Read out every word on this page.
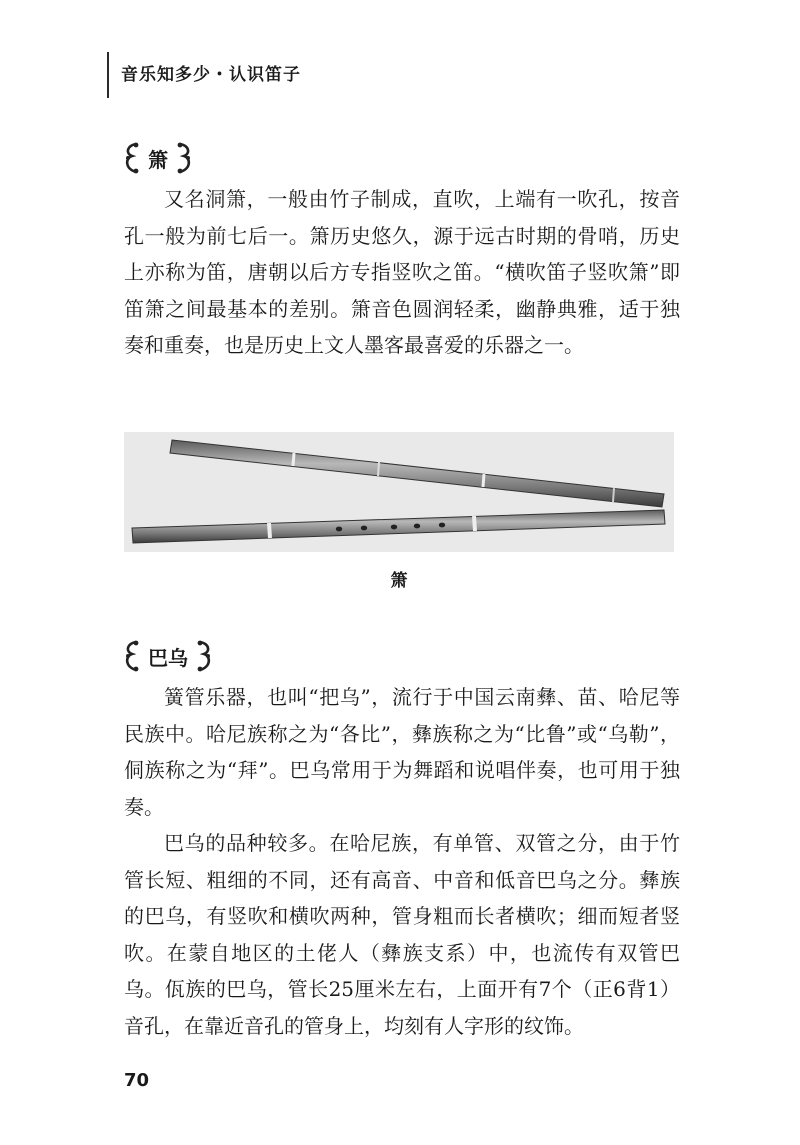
音乐知多少・认识笛子
箫

又名洞箫，一般由竹子制成，直吹，上端有一吹孔，按音孔一般为前七后一。箫历史悠久，源于远古时期的骨哨，历史上亦称为笛，唐朝以后方专指竖吹之笛。“横吹笛子竖吹箫”即笛箫之间最基本的差别。箫音色圆润轻柔，幽静典雅，适于独奏和重奏，也是历史上文人墨客最喜爱的乐器之一。

箫
巴乌

簧管乐器，也叫“把乌”，流行于中国云南彝、苗、哈尼等民族中。哈尼族称之为“各比”，彝族称之为“比鲁”或“乌勒”，侗族称之为“拜”。巴乌常用于为舞蹈和说唱伴奏，也可用于独奏。

巴乌的品种较多。在哈尼族，有单管、双管之分，由于竹管长短、粗细的不同，还有高音、中音和低音巴乌之分。彝族的巴乌，有竖吹和横吹两种，管身粗而长者横吹；细而短者竖吹。在蒙自地区的土佬人（彝族支系）中，也流传有双管巴乌。佤族的巴乌，管长25厘米左右，上面开有7个（正6背1）音孔，在靠近音孔的管身上，均刻有人字形的纹饰。

70
